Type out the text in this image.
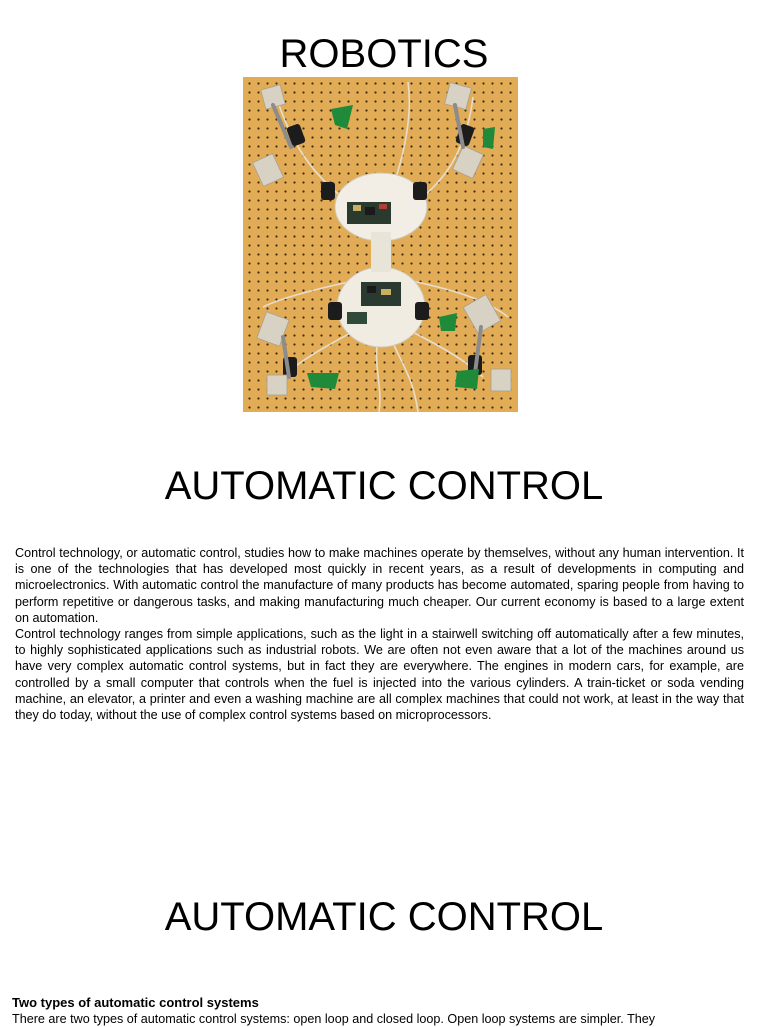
ROBOTICS
AUTOMATIC CONTROL

Control technology, or automatic control, studies how to make machines operate by themselves, without any human intervention. It is one of the technologies that has developed most quickly in recent years, as a result of developments in computing and microelectronics. With automatic control the manufacture of many products has become automated, sparing people from having to perform repetitive or dangerous tasks, and making manufacturing much cheaper. Our current economy is based to a large extent on automation.

Control technology ranges from simple applications, such as the light in a stairwell switching off automatically after a few minutes, to highly sophisticated applications such as industrial robots. We are often not even aware that a lot of the machines around us have very complex automatic control systems, but in fact they are everywhere. The engines in modern cars, for example, are controlled by a small computer that controls when the fuel is injected into the various cylinders. A train-ticket or soda vending machine, an elevator, a printer and even a washing machine are all complex machines that could not work, at least in the way that they do today, without the use of complex control systems based on microprocessors.

AUTOMATIC CONTROL

Two types of automatic control systems

There are two types of automatic control systems: open loop and closed loop. Open loop systems are simpler. They
